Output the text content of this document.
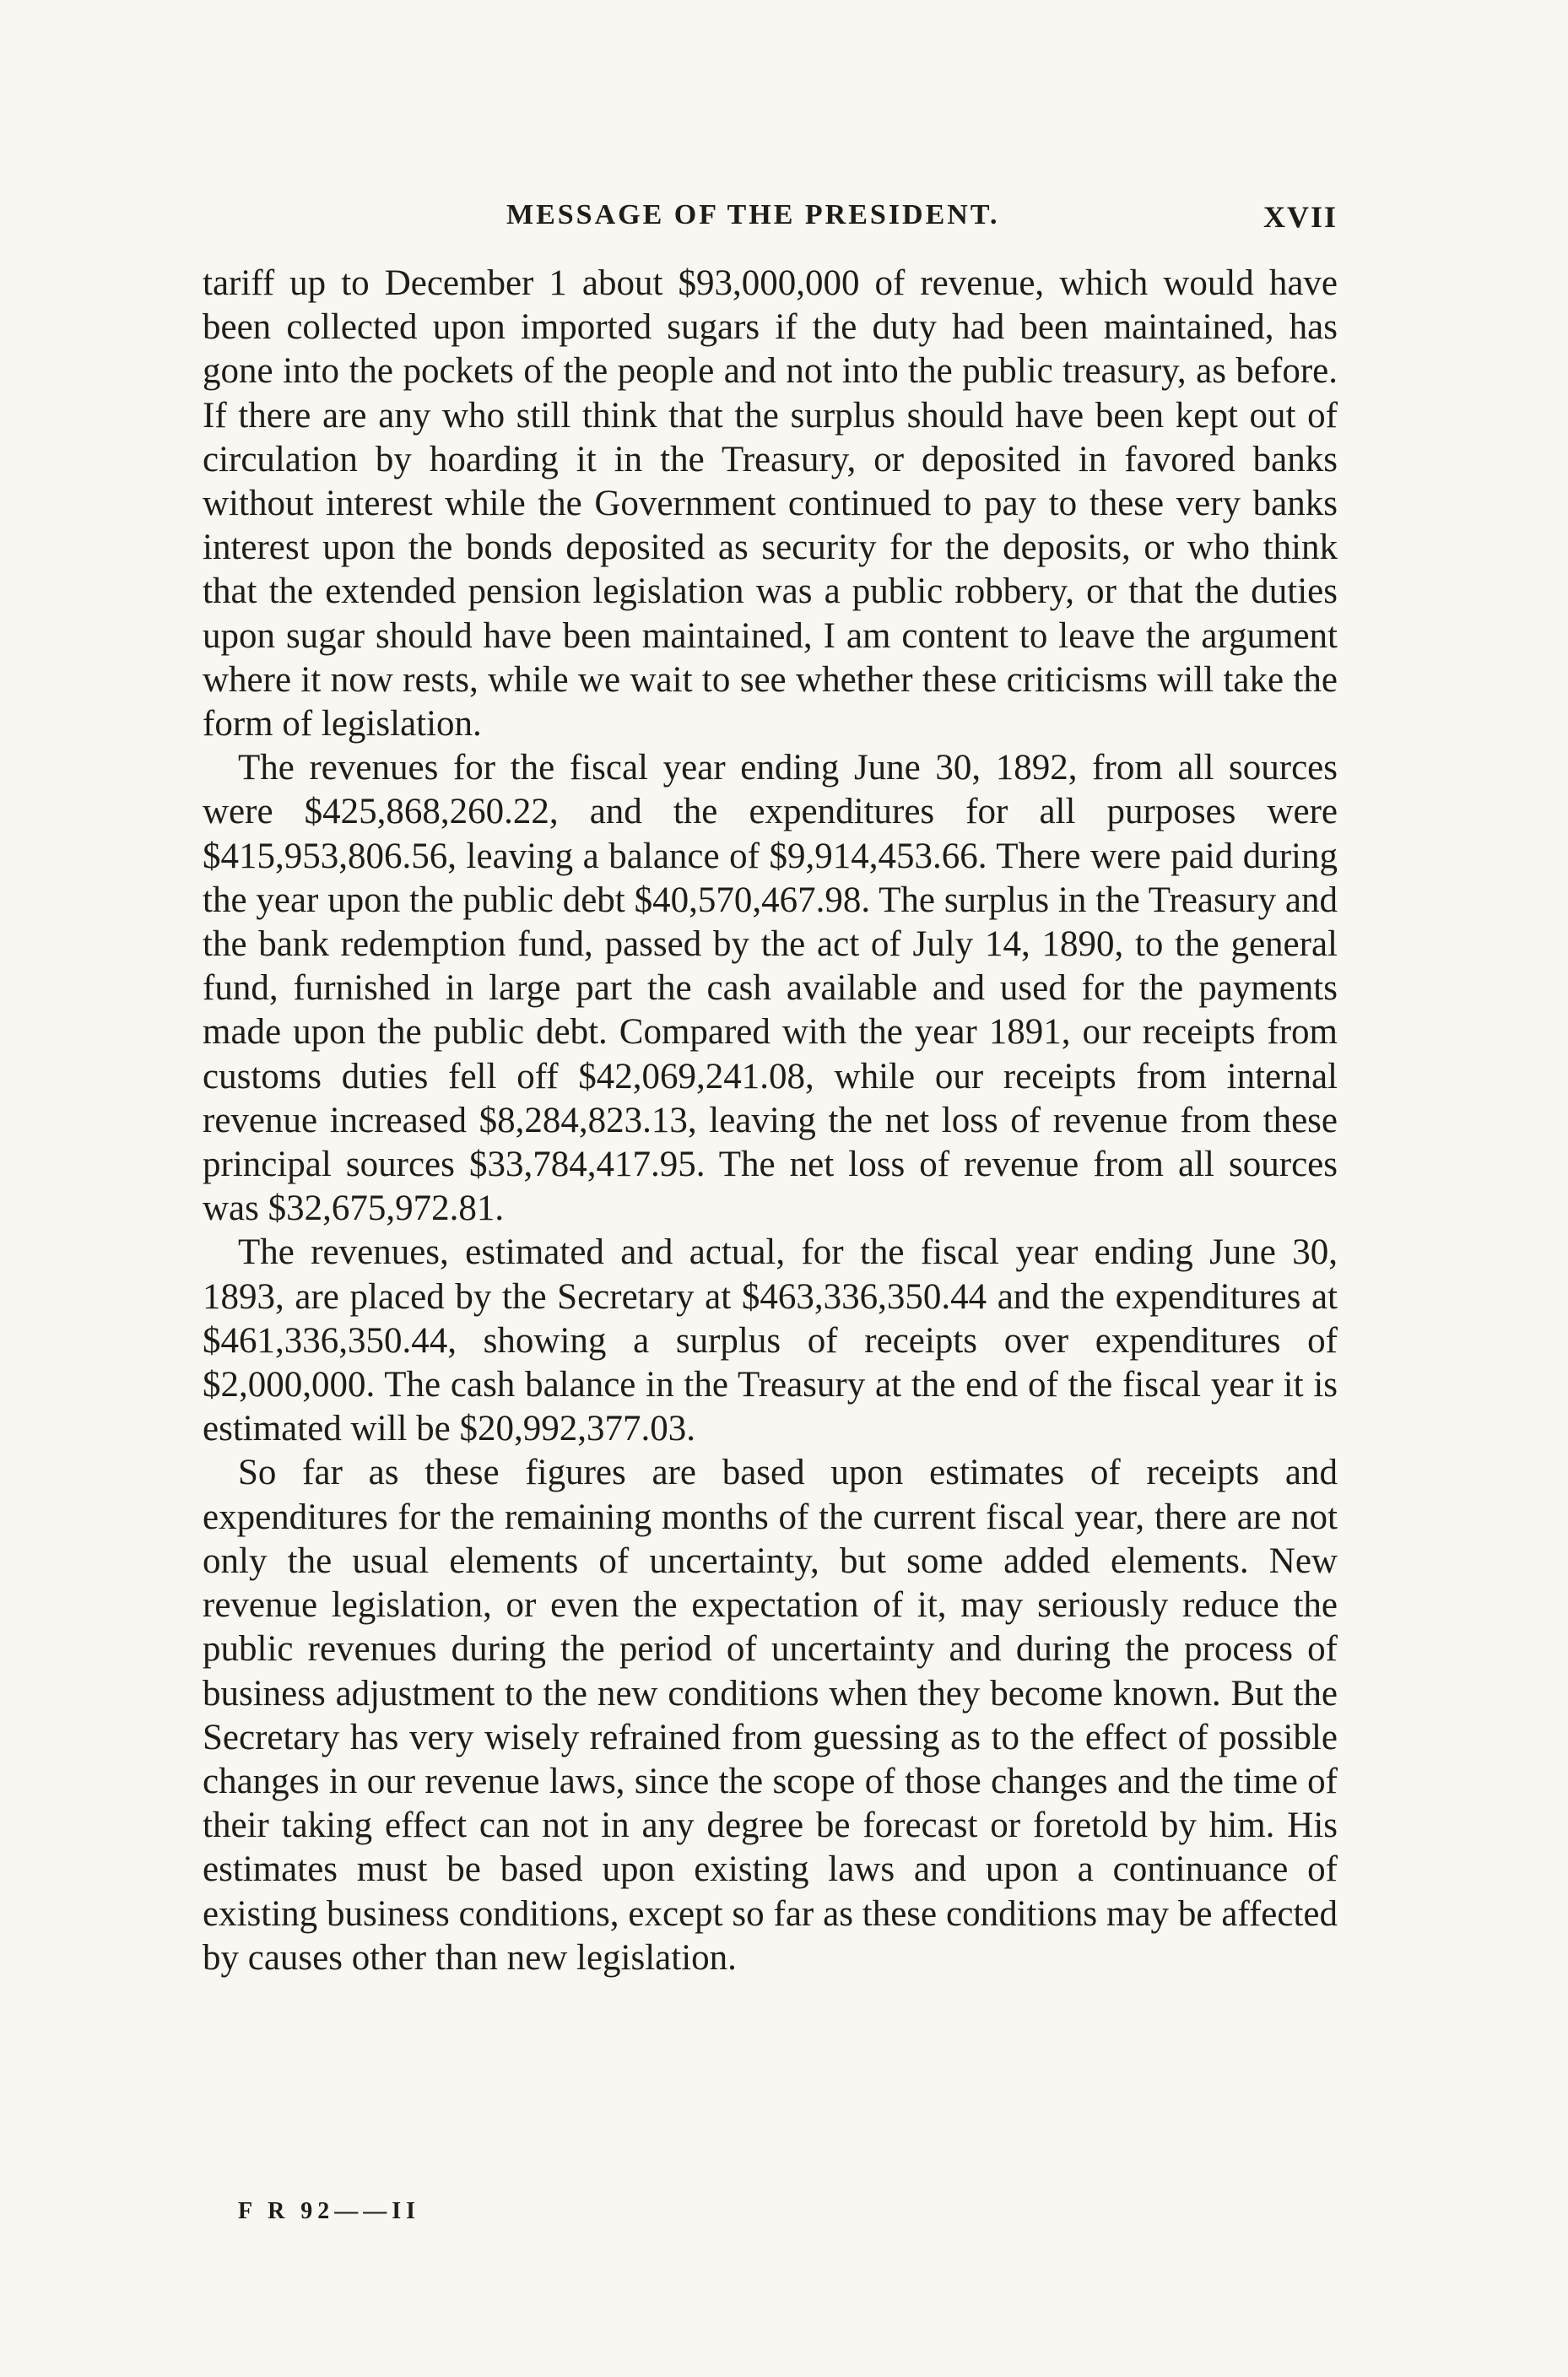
MESSAGE OF THE PRESIDENT.	XVII

tariff up to December 1 about $93,000,000 of revenue, which would have been collected upon imported sugars if the duty had been maintained, has gone into the pockets of the people and not into the public treasury, as before. If there are any who still think that the surplus should have been kept out of circulation by hoarding it in the Treasury, or deposited in favored banks without interest while the Government continued to pay to these very banks interest upon the bonds deposited as security for the deposits, or who think that the extended pension legislation was a public robbery, or that the duties upon sugar should have been maintained, I am content to leave the argument where it now rests, while we wait to see whether these criticisms will take the form of legislation.

The revenues for the fiscal year ending June 30, 1892, from all sources were $425,868,260.22, and the expenditures for all purposes were $415,953,806.56, leaving a balance of $9,914,453.66. There were paid during the year upon the public debt $40,570,467.98. The surplus in the Treasury and the bank redemption fund, passed by the act of July 14, 1890, to the general fund, furnished in large part the cash available and used for the payments made upon the public debt. Compared with the year 1891, our receipts from customs duties fell off $42,069,241.08, while our receipts from internal revenue increased $8,284,823.13, leaving the net loss of revenue from these principal sources $33,784,417.95. The net loss of revenue from all sources was $32,675,972.81.

The revenues, estimated and actual, for the fiscal year ending June 30, 1893, are placed by the Secretary at $463,336,350.44 and the expenditures at $461,336,350.44, showing a surplus of receipts over expenditures of $2,000,000. The cash balance in the Treasury at the end of the fiscal year it is estimated will be $20,992,377.03.

So far as these figures are based upon estimates of receipts and expenditures for the remaining months of the current fiscal year, there are not only the usual elements of uncertainty, but some added elements. New revenue legislation, or even the expectation of it, may seriously reduce the public revenues during the period of uncertainty and during the process of business adjustment to the new conditions when they become known. But the Secretary has very wisely refrained from guessing as to the effect of possible changes in our revenue laws, since the scope of those changes and the time of their taking effect can not in any degree be forecast or foretold by him. His estimates must be based upon existing laws and upon a continuance of existing business conditions, except so far as these conditions may be affected by causes other than new legislation.

F R 92——II
